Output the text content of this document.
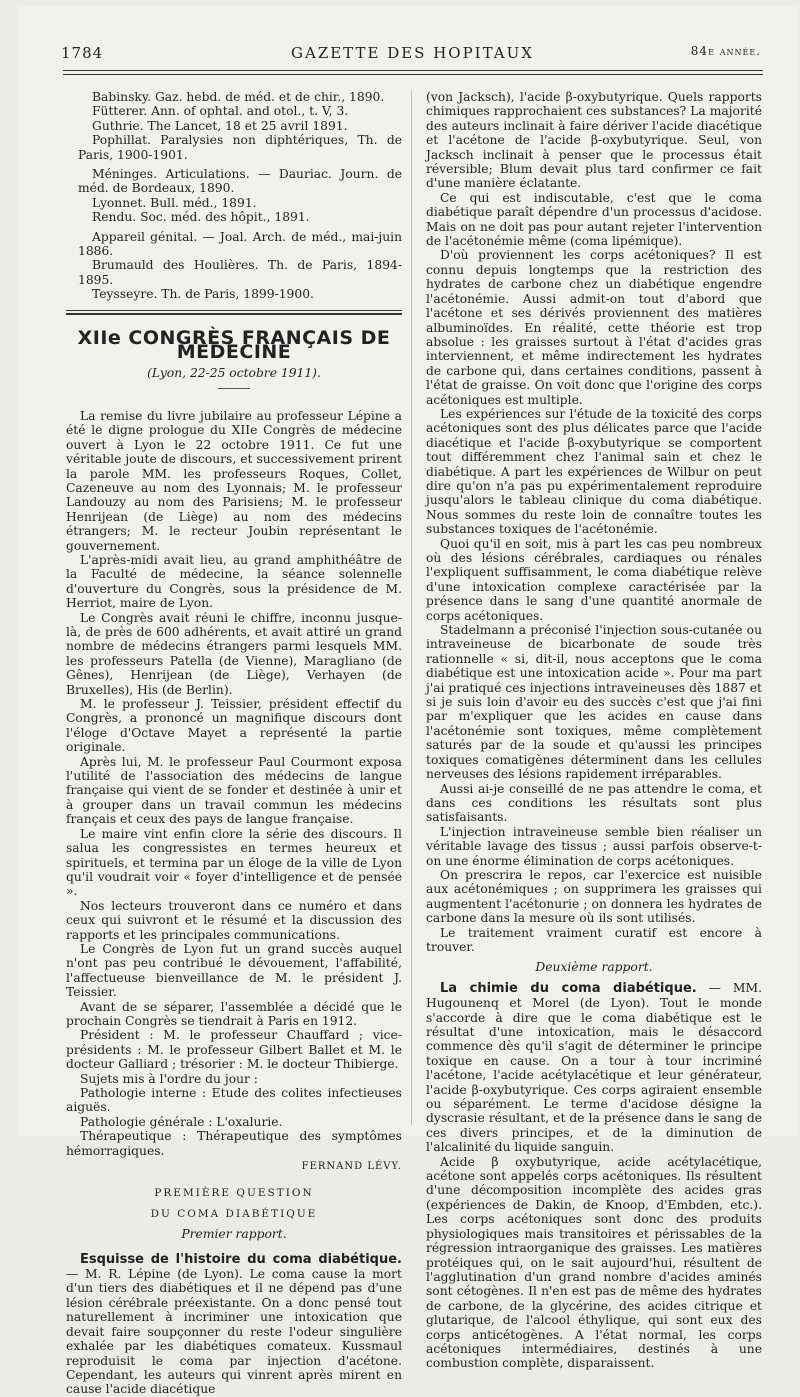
1784	GAZETTE DES HOPITAUX	84e année.

Babinsky. Gaz. hebd. de méd. et de chir., 1890.

Fütterer. Ann. of ophtal. and otol., t. V, 3.

Guthrie. The Lancet, 18 et 25 avril 1891.

Pophillat. Paralysies non diphtériques, Th. de Paris, 1900-1901.

Méninges. Articulations. — Dauriac. Journ. de méd. de Bordeaux, 1890.

Lyonnet. Bull. méd., 1891.

Rendu. Soc. méd. des hôpit., 1891.

Appareil génital. — Joal. Arch. de méd., mai-juin 1886.

Brumauld des Houlières. Th. de Paris, 1894-1895.

Teysseyre. Th. de Paris, 1899-1900.

XIIe CONGRÈS FRANÇAIS DE MÉDECINE
(Lyon, 22-25 octobre 1911).

La remise du livre jubilaire au professeur Lépine a été le digne prologue du XIIe Congrès de médecine ouvert à Lyon le 22 octobre 1911. Ce fut une véritable joute de discours, et successivement prirent la parole MM. les professeurs Roques, Collet, Cazeneuve au nom des Lyonnais; M. le professeur Landouzy au nom des Parisiens; M. le professeur Henrijean (de Liège) au nom des médecins étrangers; M. le recteur Joubin représentant le gouvernement.

L'après-midi avait lieu, au grand amphithéâtre de la Faculté de médecine, la séance solennelle d'ouverture du Congrès, sous la présidence de M. Herriot, maire de Lyon.

Le Congrès avait réuni le chiffre, inconnu jusque-là, de près de 600 adhérents, et avait attiré un grand nombre de médecins étrangers parmi lesquels MM. les professeurs Patella (de Vienne), Maragliano (de Gênes), Henrijean (de Liège), Verhayen (de Bruxelles), His (de Berlin).

M. le professeur J. Teissier, président effectif du Congrès, a prononcé un magnifique discours dont l'éloge d'Octave Mayet a représenté la partie originale.

Après lui, M. le professeur Paul Courmont exposa l'utilité de l'association des médecins de langue française qui vient de se fonder et destinée à unir et à grouper dans un travail commun les médecins français et ceux des pays de langue française.

Le maire vint enfin clore la série des discours. Il salua les congressistes en termes heureux et spirituels, et termina par un éloge de la ville de Lyon qu'il voudrait voir « foyer d'intelligence et de pensée ».

Nos lecteurs trouveront dans ce numéro et dans ceux qui suivront et le résumé et la discussion des rapports et les principales communications.

Le Congrès de Lyon fut un grand succès auquel n'ont pas peu contribué le dévouement, l'affabilité, l'affectueuse bienveillance de M. le président J. Teissier.

Avant de se séparer, l'assemblée a décidé que le prochain Congrès se tiendrait à Paris en 1912.

Président : M. le professeur Chauffard ; vice-présidents : M. le professeur Gilbert Ballet et M. le docteur Galliard ; trésorier : M. le docteur Thibierge.

Sujets mis à l'ordre du jour :

Pathologie interne : Etude des colites infectieuses aiguës.

Pathologie générale : L'oxalurie.

Thérapeutique : Thérapeutique des symptômes hémorragiques.

FERNAND LÉVY.
PREMIÈRE QUESTION
DU COMA DIABÉTIQUE
Premier rapport.

Esquisse de l'histoire du coma diabétique. — M. R. Lépine (de Lyon). Le coma cause la mort d'un tiers des diabétiques et il ne dépend pas d'une lésion cérébrale préexistante. On a donc pensé tout naturellement à incriminer une intoxication que devait faire soupçonner du reste l'odeur singulière exhalée par les diabétiques comateux. Kussmaul reproduisit le coma par injection d'acétone. Cependant, les auteurs qui vinrent après mirent en cause l'acide diacétique

(von Jacksch), l'acide β-oxybutyrique. Quels rapports chimiques rapprochaient ces substances? La majorité des auteurs inclinait à faire dériver l'acide diacétique et l'acétone de l'acide β-oxybutyrique. Seul, von Jacksch inclinait à penser que le processus était réversible; Blum devait plus tard confirmer ce fait d'une manière éclatante.

Ce qui est indiscutable, c'est que le coma diabétique paraît dépendre d'un processus d'acidose. Mais on ne doit pas pour autant rejeter l'intervention de l'acétonémie même (coma lipémique).

D'où proviennent les corps acétoniques? Il est connu depuis longtemps que la restriction des hydrates de carbone chez un diabétique engendre l'acétonémie. Aussi admit-on tout d'abord que l'acétone et ses dérivés proviennent des matières albuminoïdes. En réalité, cette théorie est trop absolue : les graisses surtout à l'état d'acides gras interviennent, et même indirectement les hydrates de carbone qui, dans certaines conditions, passent à l'état de graisse. On voit donc que l'origine des corps acétoniques est multiple.

Les expériences sur l'étude de la toxicité des corps acétoniques sont des plus délicates parce que l'acide diacétique et l'acide β-oxybutyrique se comportent tout différemment chez l'animal sain et chez le diabétique. A part les expériences de Wilbur on peut dire qu'on n'a pas pu expérimentalement reproduire jusqu'alors le tableau clinique du coma diabétique. Nous sommes du reste loin de connaître toutes les substances toxiques de l'acétonémie.

Quoi qu'il en soit, mis à part les cas peu nombreux où des lésions cérébrales, cardiaques ou rénales l'expliquent suffisamment, le coma diabétique relève d'une intoxication complexe caractérisée par la présence dans le sang d'une quantité anormale de corps acétoniques.

Stadelmann a préconisé l'injection sous-cutanée ou intraveineuse de bicarbonate de soude très rationnelle « si, dit-il, nous acceptons que le coma diabétique est une intoxication acide ». Pour ma part j'ai pratiqué ces injections intraveineuses dès 1887 et si je suis loin d'avoir eu des succès c'est que j'ai fini par m'expliquer que les acides en cause dans l'acétonémie sont toxiques, même complètement saturés par de la soude et qu'aussi les principes toxiques comatigènes déterminent dans les cellules nerveuses des lésions rapidement irréparables.

Aussi ai-je conseillé de ne pas attendre le coma, et dans ces conditions les résultats sont plus satisfaisants.

L'injection intraveineuse semble bien réaliser un véritable lavage des tissus ; aussi parfois observe-t-on une énorme élimination de corps acétoniques.

On prescrira le repos, car l'exercice est nuisible aux acétonémiques ; on supprimera les graisses qui augmentent l'acétonurie ; on donnera les hydrates de carbone dans la mesure où ils sont utilisés.

Le traitement vraiment curatif est encore à trouver.

Deuxième rapport.

La chimie du coma diabétique. — MM. Hugounenq et Morel (de Lyon). Tout le monde s'accorde à dire que le coma diabétique est le résultat d'une intoxication, mais le désaccord commence dès qu'il s'agit de déterminer le principe toxique en cause. On a tour à tour incriminé l'acétone, l'acide acétylacétique et leur générateur, l'acide β-oxybutyrique. Ces corps agiraient ensemble ou séparément. Le terme d'acidose désigne la dyscrasie résultant, et de la présence dans le sang de ces divers principes, et de la diminution de l'alcalinité du liquide sanguin.

Acide β oxybutyrique, acide acétylacétique, acétone sont appelés corps acétoniques. Ils résultent d'une décomposition incomplète des acides gras (expériences de Dakin, de Knoop, d'Embden, etc.). Les corps acétoniques sont donc des produits physiologiques mais transitoires et périssables de la régression intraorganique des graisses. Les matières protéiques qui, on le sait aujourd'hui, résultent de l'agglutination d'un grand nombre d'acides aminés sont cétogènes. Il n'en est pas de même des hydrates de carbone, de la glycérine, des acides citrique et glutarique, de l'alcool éthylique, qui sont eux des corps anticétogènes. A l'état normal, les corps acétoniques intermédiaires, destinés à une combustion complète, disparaissent.
